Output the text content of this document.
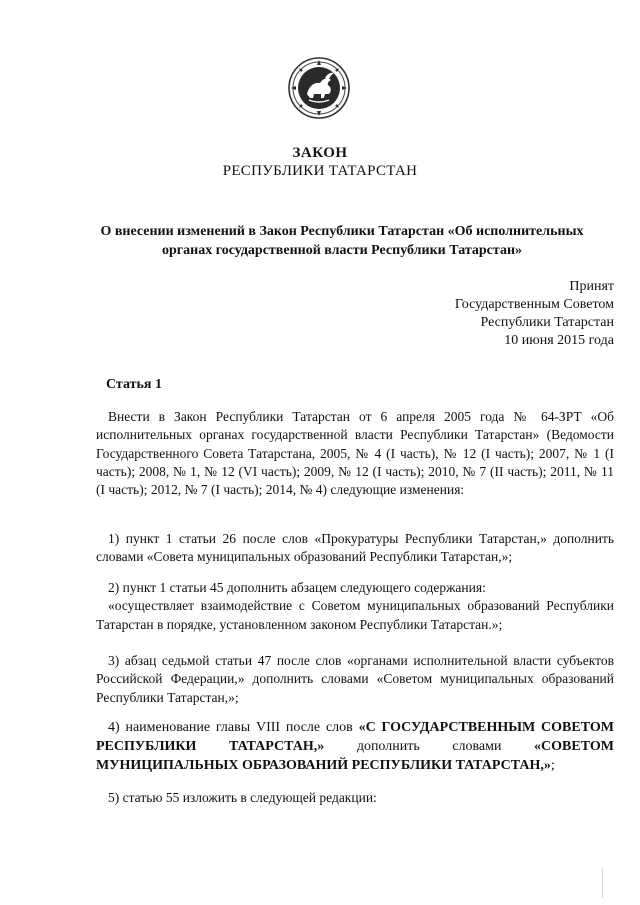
ЗАКОН
РЕСПУБЛИКИ ТАТАРСТАН
О внесении изменений в Закон Республики Татарстан «Об исполнительных
органах государственной власти Республики Татарстан»
Принят
Государственным Советом
Республики Татарстан
10 июня 2015 года
Статья 1

Внести в Закон Республики Татарстан от 6 апреля 2005 года № 64-ЗРТ «Об исполнительных органах государственной власти Республики Татарстан» (Ведомости Государственного Совета Татарстана, 2005, № 4 (I часть), № 12 (I часть); 2007, № 1 (I часть); 2008, № 1, № 12 (VI часть); 2009, № 12 (I часть); 2010, № 7 (II часть); 2011, № 11 (I часть); 2012, № 7 (I часть); 2014, № 4) следующие изменения:

1) пункт 1 статьи 26 после слов «Прокуратуры Республики Татарстан,» дополнить словами «Совета муниципальных образований Республики Татарстан,»;

2) пункт 1 статьи 45 дополнить абзацем следующего содержания:

«осуществляет взаимодействие с Советом муниципальных образований Республики Татарстан в порядке, установленном законом Республики Татарстан.»;

3) абзац седьмой статьи 47 после слов «органами исполнительной власти субъектов Российской Федерации,» дополнить словами «Советом муниципальных образований Республики Татарстан,»;

4) наименование главы VIII после слов «С ГОСУДАРСТВЕННЫМ СОВЕТОМ РЕСПУБЛИКИ ТАТАРСТАН,» дополнить словами «СОВЕТОМ МУНИЦИПАЛЬНЫХ ОБРАЗОВАНИЙ РЕСПУБЛИКИ ТАТАРСТАН,»;

5) статью 55 изложить в следующей редакции:
